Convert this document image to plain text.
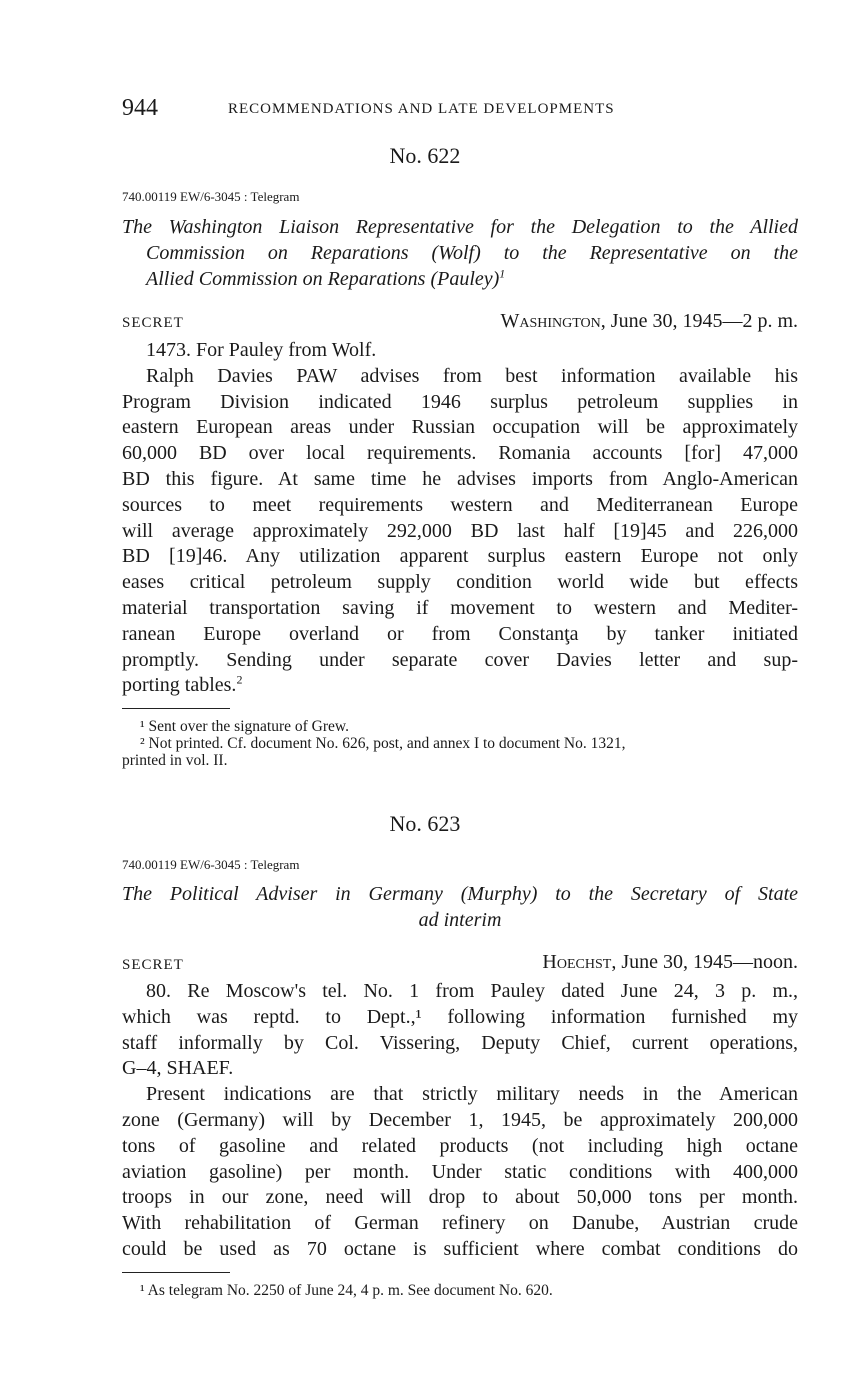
944	RECOMMENDATIONS AND LATE DEVELOPMENTS
No. 622
740.00119 EW/6-3045 : Telegram
The Washington Liaison Representative for the Delegation to the Allied
Commission on Reparations (Wolf) to the Representative on the
Allied Commission on Reparations (Pauley)$^1$
SECRET	Washington, June 30, 1945—2 p. m.
1473. For Pauley from Wolf.
Ralph Davies PAW advises from best information available his
Program Division indicated 1946 surplus petroleum supplies in
eastern European areas under Russian occupation will be approximately
60,000 BD over local requirements. Romania accounts [for] 47,000
BD this figure. At same time he advises imports from Anglo-American
sources to meet requirements western and Mediterranean Europe
will average approximately 292,000 BD last half [19]45 and 226,000
BD [19]46. Any utilization apparent surplus eastern Europe not only
eases critical petroleum supply condition world wide but effects
material transportation saving if movement to western and Mediter-
ranean Europe overland or from Constanţa by tanker initiated
promptly. Sending under separate cover Davies letter and sup-
porting tables.$^2$
¹ Sent over the signature of Grew.
² Not printed. Cf. document No. 626, post, and annex I to document No. 1321,
printed in vol. II.
No. 623
740.00119 EW/6-3045 : Telegram
The Political Adviser in Germany (Murphy) to the Secretary of State
ad interim
SECRET	Hoechst, June 30, 1945—noon.
80. Re Moscow's tel. No. 1 from Pauley dated June 24, 3 p. m.,
which was reptd. to Dept.,¹ following information furnished my
staff informally by Col. Vissering, Deputy Chief, current operations,
G–4, SHAEF.
Present indications are that strictly military needs in the American
zone (Germany) will by December 1, 1945, be approximately 200,000
tons of gasoline and related products (not including high octane
aviation gasoline) per month. Under static conditions with 400,000
troops in our zone, need will drop to about 50,000 tons per month.
With rehabilitation of German refinery on Danube, Austrian crude
could be used as 70 octane is sufficient where combat conditions do
¹ As telegram No. 2250 of June 24, 4 p. m. See document No. 620.
